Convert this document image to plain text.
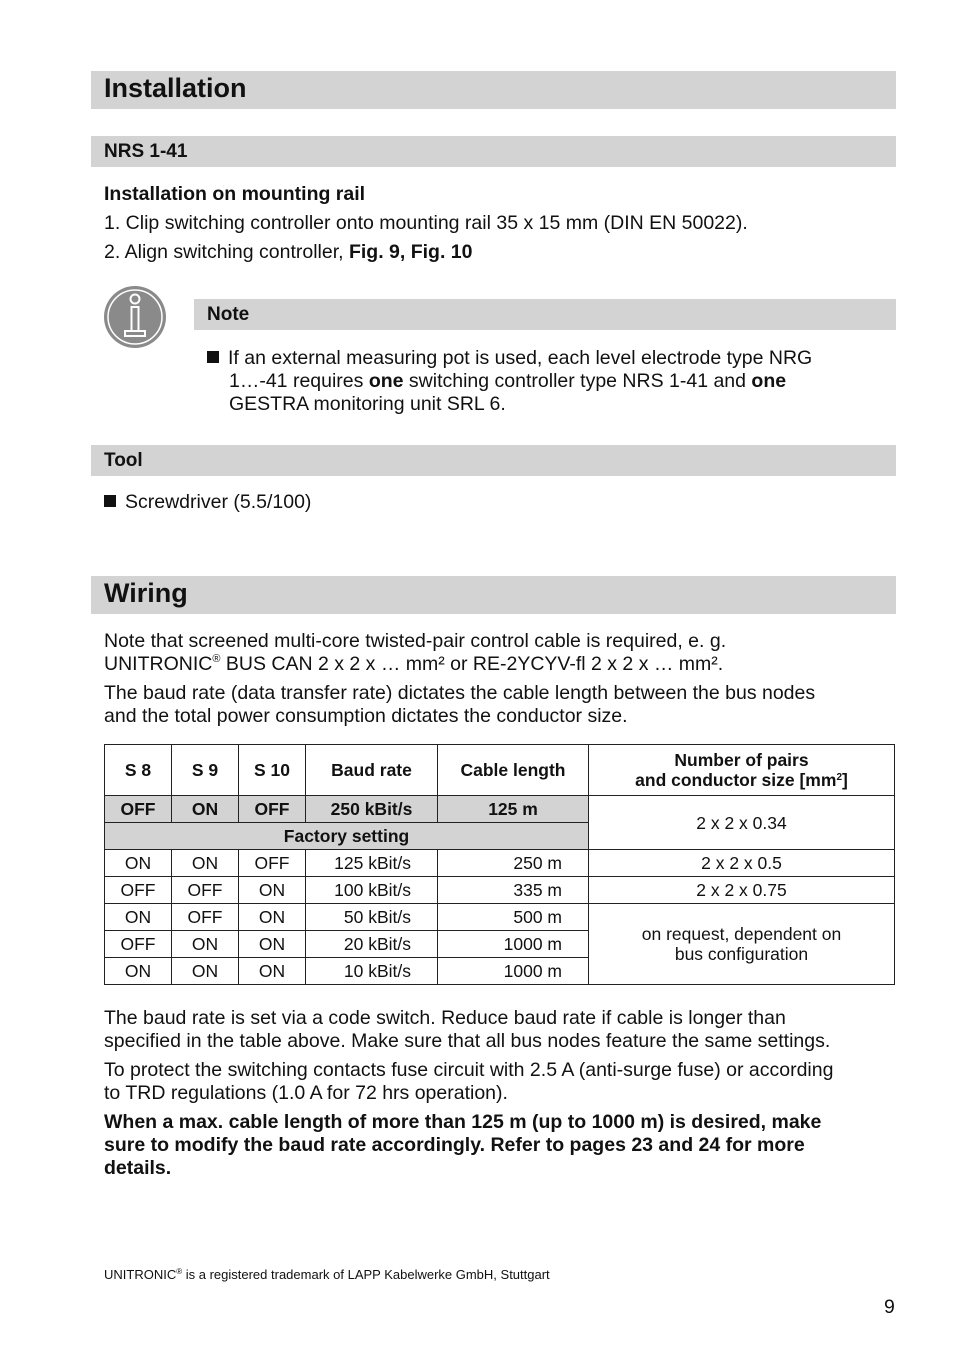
Installation
NRS 1-41
Installation on mounting rail
1. Clip switching controller onto mounting rail 35 x 15 mm (DIN EN 50022).
2. Align switching controller, Fig. 9, Fig. 10
Note
If an external measuring pot is used, each level electrode type NRG
1…-41 requires one switching controller type NRS 1-41 and one
GESTRA monitoring unit SRL 6.
Tool
Screwdriver (5.5/100)
Wiring
Note that screened multi-core twisted-pair control cable is required, e. g.
UNITRONIC® BUS CAN 2 x 2 x … mm² or RE-2YCYV-fl 2 x 2 x … mm².
The baud rate (data transfer rate) dictates the cable length between the bus nodes
and the total power consumption dictates the conductor size.
S 8	S 9	S 10	Baud rate	Cable length	Number of pairs
and conductor size $[mm^2]$
OFF	ON	OFF	250 kBit/s	125 m	2 x 2 x 0.34
Factory setting					
ON	ON	OFF	125 kBit/s	250 m	2 x 2 x 0.5
OFF	OFF	ON	100 kBit/s	335 m	2 x 2 x 0.75
ON	OFF	ON	50 kBit/s	500 m	on request, dependent on
bus configuration
OFF	ON	ON	20 kBit/s	1000 m	
ON	ON	ON	10 kBit/s	1000 m	
The baud rate is set via a code switch. Reduce baud rate if cable is longer than
specified in the table above. Make sure that all bus nodes feature the same settings.
To protect the switching contacts fuse circuit with 2.5 A (anti-surge fuse) or according
to TRD regulations (1.0 A for 72 hrs operation).
When a max. cable length of more than 125 m (up to 1000 m) is desired, make
sure to modify the baud rate accordingly. Refer to pages 23 and 24 for more
details.
UNITRONIC® is a registered trademark of LAPP Kabelwerke GmbH, Stuttgart
9
